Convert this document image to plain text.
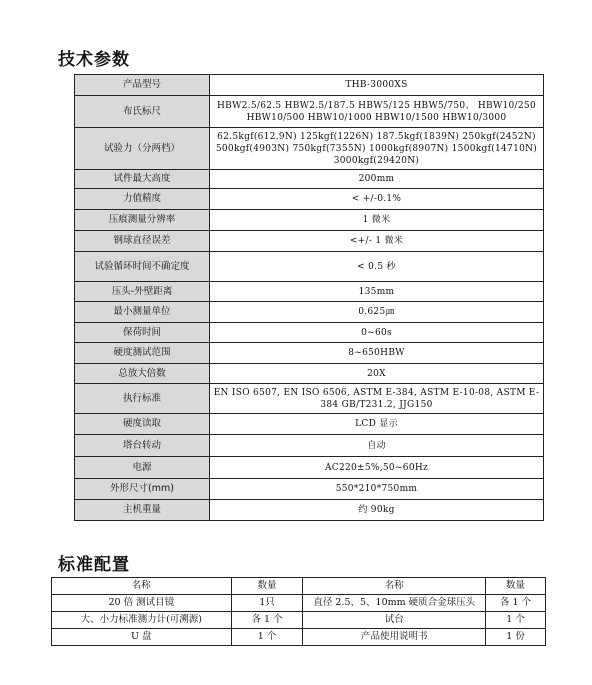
技术参数
产品型号	THB-3000XS
布氏标尺	HBW2.5/62.5 HBW2.5/187.5 HBW5/125 HBW5/750、 HBW10/250 HBW10/500 HBW10/1000 HBW10/1500 HBW10/3000
试验力（分两档）	62.5kgf(612.9N) 125kgf(1226N) 187.5kgf(1839N) 250kgf(2452N) 500kgf(4903N) 750kgf(7355N) 1000kgf(8907N) 1500kgf(14710N) 3000kgf(29420N)
试件最大高度	200mm
力值精度	< +/-0.1%
压痕测量分辨率	1 微米
钢球直径误差	<+/- 1 微米
试验循环时间不确定度	< 0.5 秒
压头-外壁距离	135mm
最小测量单位	0.625㎛
保荷时间	0~60s
硬度测试范围	8~650HBW
总放大倍数	20X
执行标准	EN ISO 6507, EN ISO 6506, ASTM E-384, ASTM E-10-08, ASTM E-384 GB/T231.2, JJG150
硬度读取	LCD 显示
塔台转动	自动
电源	AC220±5%,50~60Hz
外形尺寸(mm)	550*210*750mm
主机重量	约 90kg
标准配置
名称	数量	名称	数量
20 倍 测试目镜	1只	直径 2.5、5、10mm 硬质合金球压头	各 1 个
大、小力标准测力计(可溯源)	各 1 个	试台	1 个
U 盘	1 个	产品使用说明书	1 份
